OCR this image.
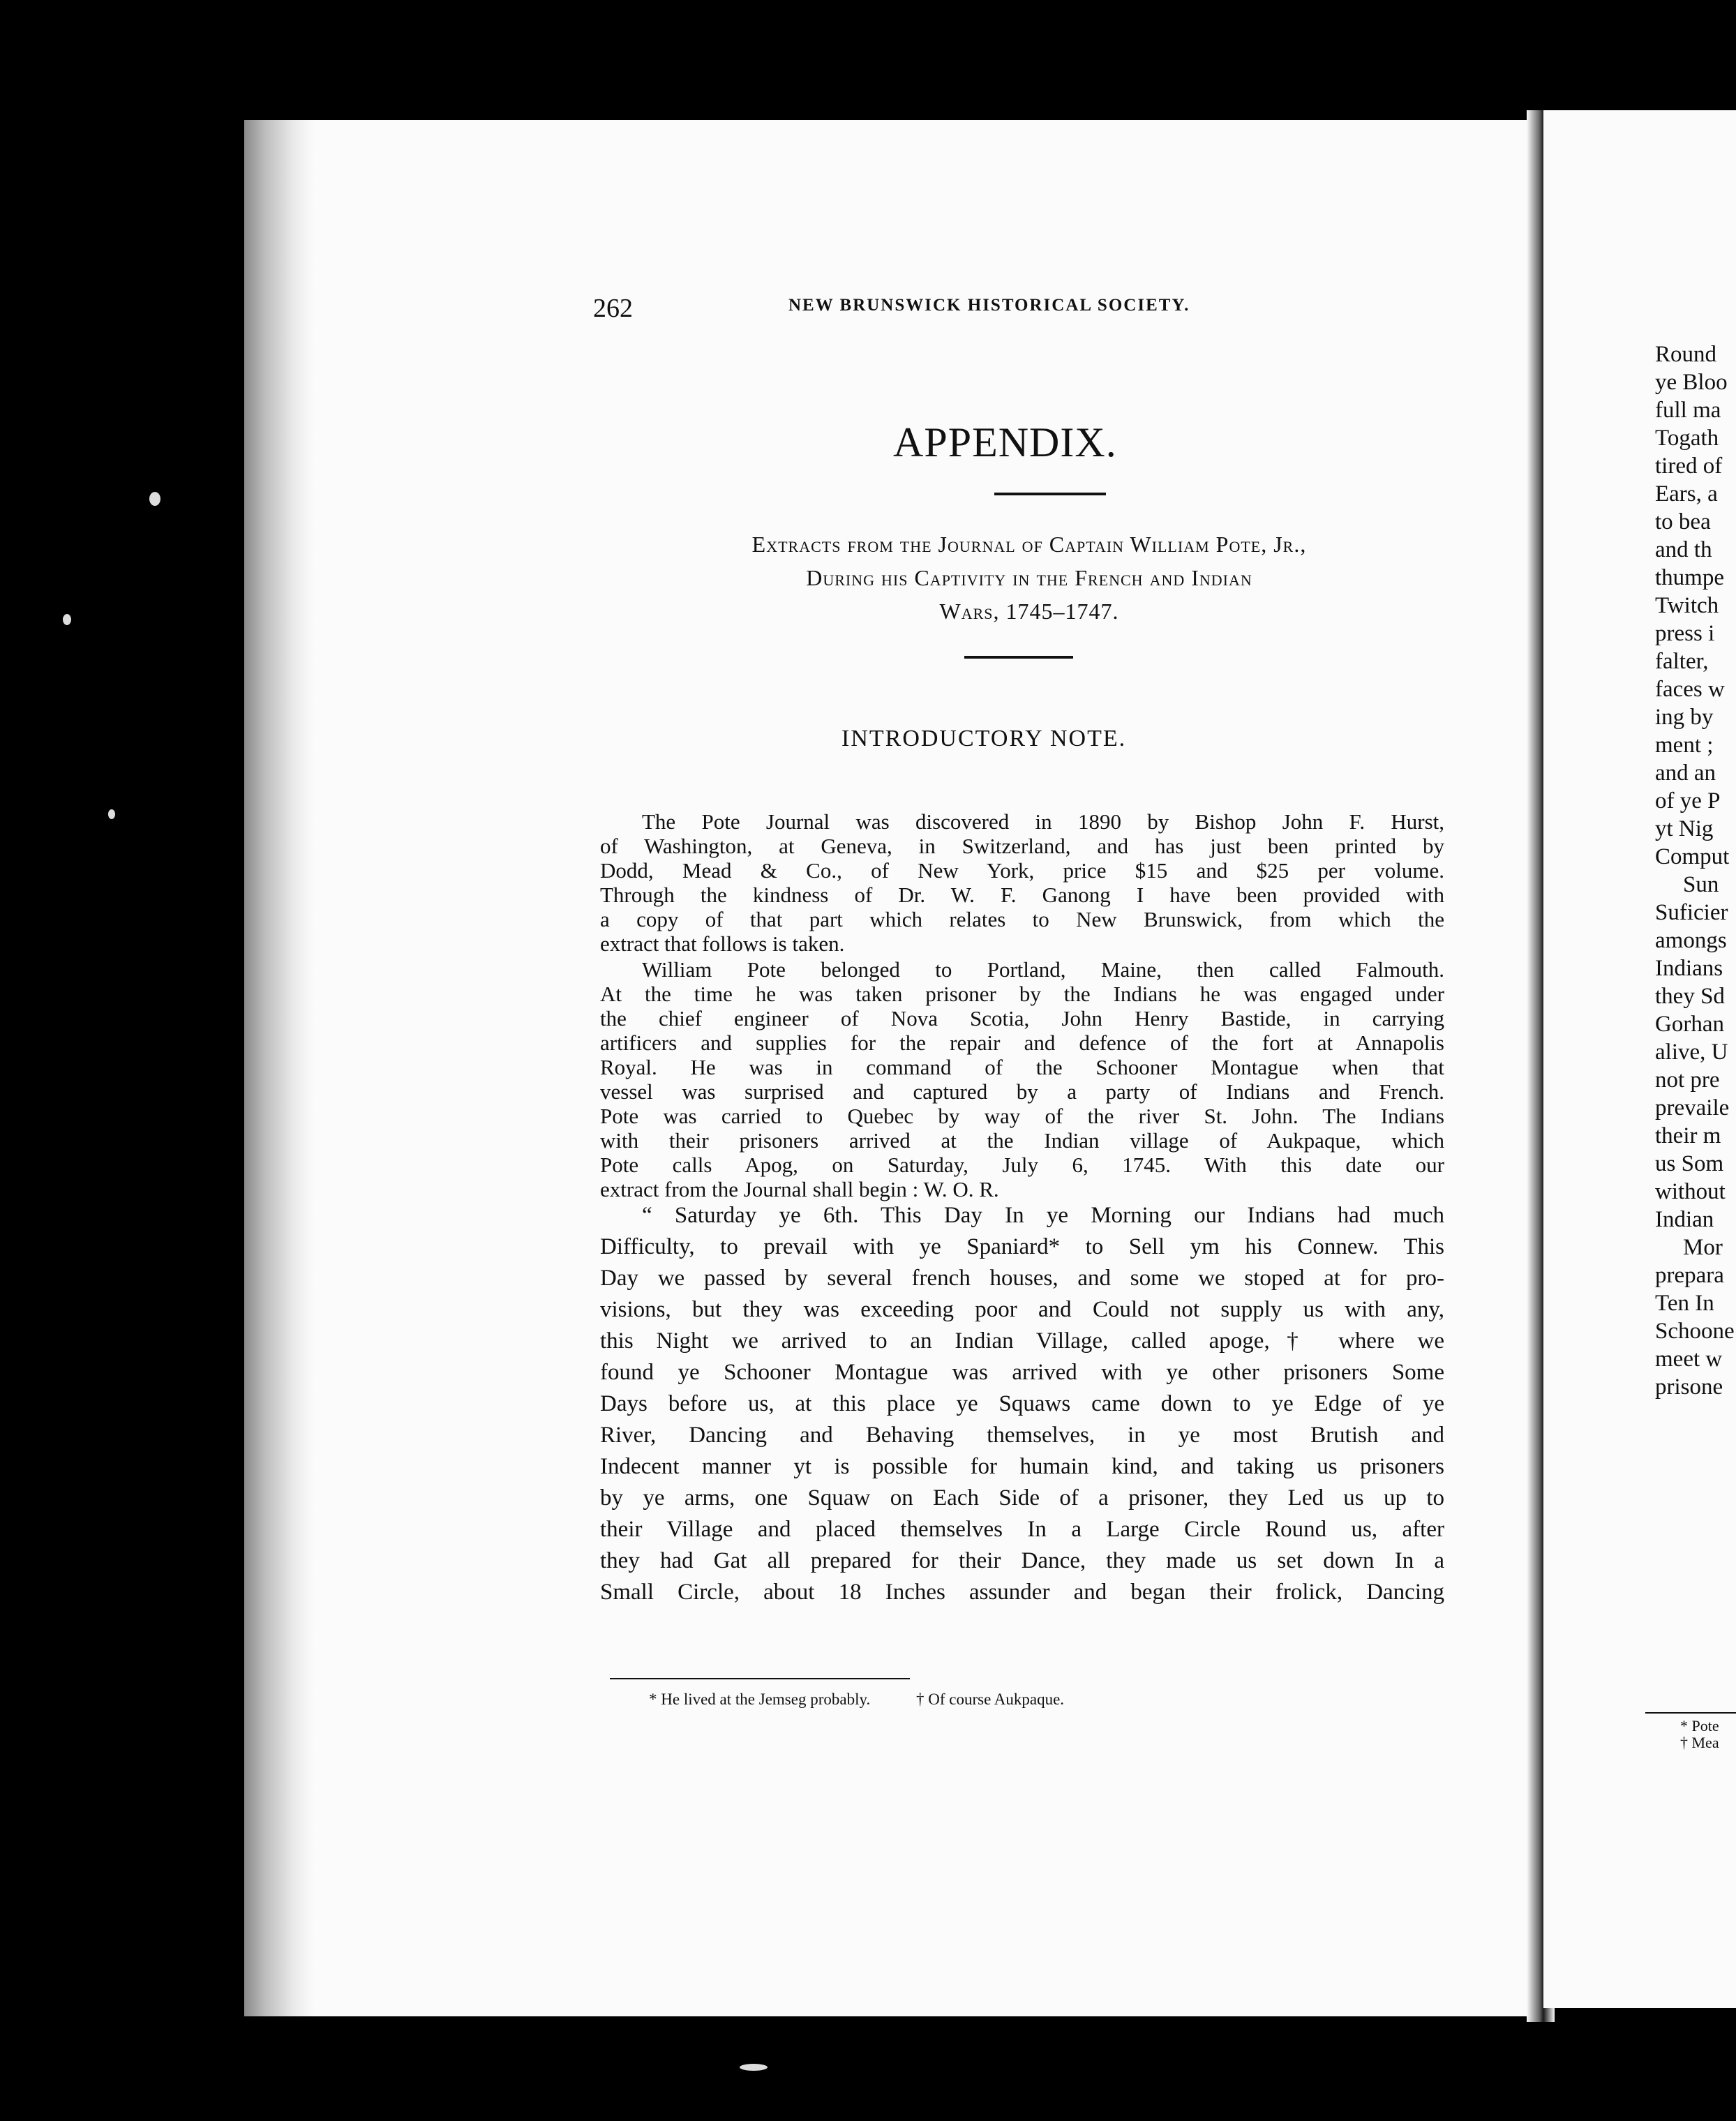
262	NEW BRUNSWICK HISTORICAL SOCIETY.
APPENDIX.
Extracts from the Journal of Captain William Pote, Jr.,
During his Captivity in the French and Indian
Wars, 1745–1747.
INTRODUCTORY NOTE.
The Pote Journal was discovered in 1890 by Bishop John F. Hurst,
of Washington, at Geneva, in Switzerland, and has just been printed by
Dodd, Mead & Co., of New York, price $15 and $25 per volume.
Through the kindness of Dr. W. F. Ganong I have been provided with
a copy of that part which relates to New Brunswick, from which the
extract that follows is taken.
William Pote belonged to Portland, Maine, then called Falmouth.
At the time he was taken prisoner by the Indians he was engaged under
the chief engineer of Nova Scotia, John Henry Bastide, in carrying
artificers and supplies for the repair and defence of the fort at Annapolis
Royal. He was in command of the Schooner Montague when that
vessel was surprised and captured by a party of Indians and French.
Pote was carried to Quebec by way of the river St. John. The Indians
with their prisoners arrived at the Indian village of Aukpaque, which
Pote calls Apog, on Saturday, July 6, 1745. With this date our
extract from the Journal shall begin : W. O. R.
“ Saturday ye 6th. This Day In ye Morning our Indians had much
Difficulty, to prevail with ye Spaniard* to Sell ym his Connew. This
Day we passed by several french houses, and some we stoped at for pro-
visions, but they was exceeding poor and Could not supply us with any,
this Night we arrived to an Indian Village, called apoge,† where we
found ye Schooner Montague was arrived with ye other prisoners Some
Days before us, at this place ye Squaws came down to ye Edge of ye
River, Dancing and Behaving themselves, in ye most Brutish and
Indecent manner yt is possible for humain kind, and taking us prisoners
by ye arms, one Squaw on Each Side of a prisoner, they Led us up to
their Village and placed themselves In a Large Circle Round us, after
they had Gat all prepared for their Dance, they made us set down In a
Small Circle, about 18 Inches assunder and began their frolick, Dancing
* He lived at the Jemseg probably.	† Of course Aukpaque.
Round
ye Bloo
full ma
Togath
tired of
Ears, a
to bea
and th
thumpe
Twitch
press i
falter,
faces w
ing by
ment ;
and an
of ye P
yt Nig
Comput
Sun
Suficier
amongs
Indians
they Sd
Gorhan
alive, U
not pre
prevaile
their m
us Som
without
Indian
Mor
prepara
Ten In
Schoone
meet w
prisone
* Pote
† Mea
